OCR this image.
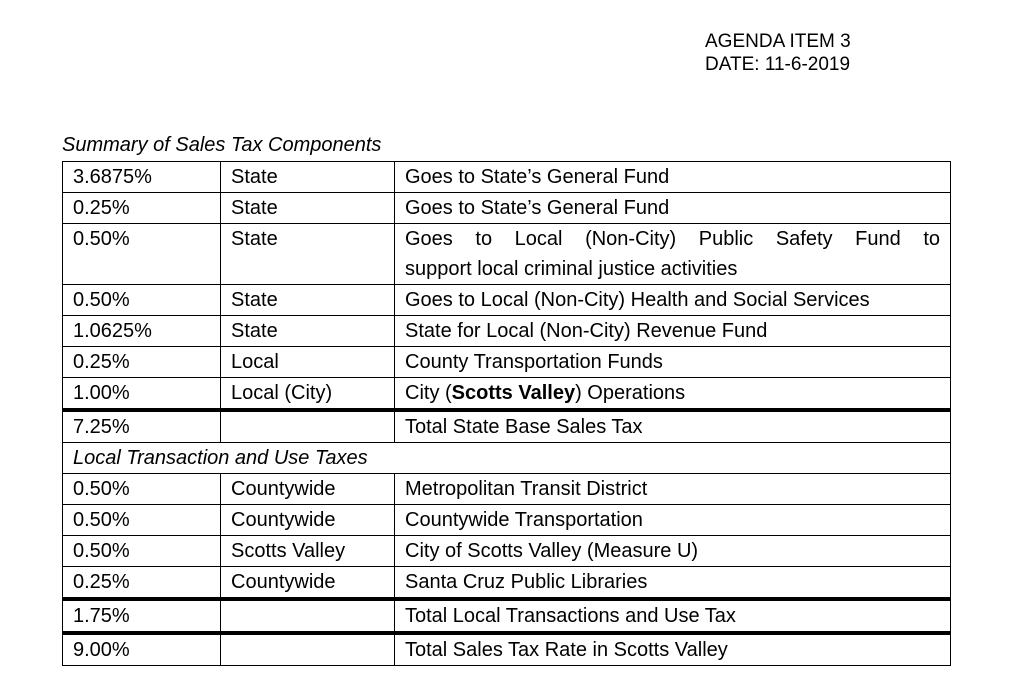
AGENDA ITEM 3
DATE: 11-6-2019
Summary of Sales Tax Components
3.6875%	State	Goes to State’s General Fund
0.25%	State	Goes to State’s General Fund
0.50%	State	Goes to Local (Non-City) Public Safety Fund to
support local criminal justice activities

0.50%	State	Goes to Local (Non-City) Health and Social Services
1.0625%	State	State for Local (Non-City) Revenue Fund
0.25%	Local	County Transportation Funds
1.00%	Local (City)	City (Scotts Valley) Operations
7.25%		Total State Base Sales Tax
Local Transaction and Use Taxes		
0.50%	Countywide	Metropolitan Transit District
0.50%	Countywide	Countywide Transportation
0.50%	Scotts Valley	City of Scotts Valley (Measure U)
0.25%	Countywide	Santa Cruz Public Libraries
1.75%		Total Local Transactions and Use Tax
9.00%		Total Sales Tax Rate in Scotts Valley
